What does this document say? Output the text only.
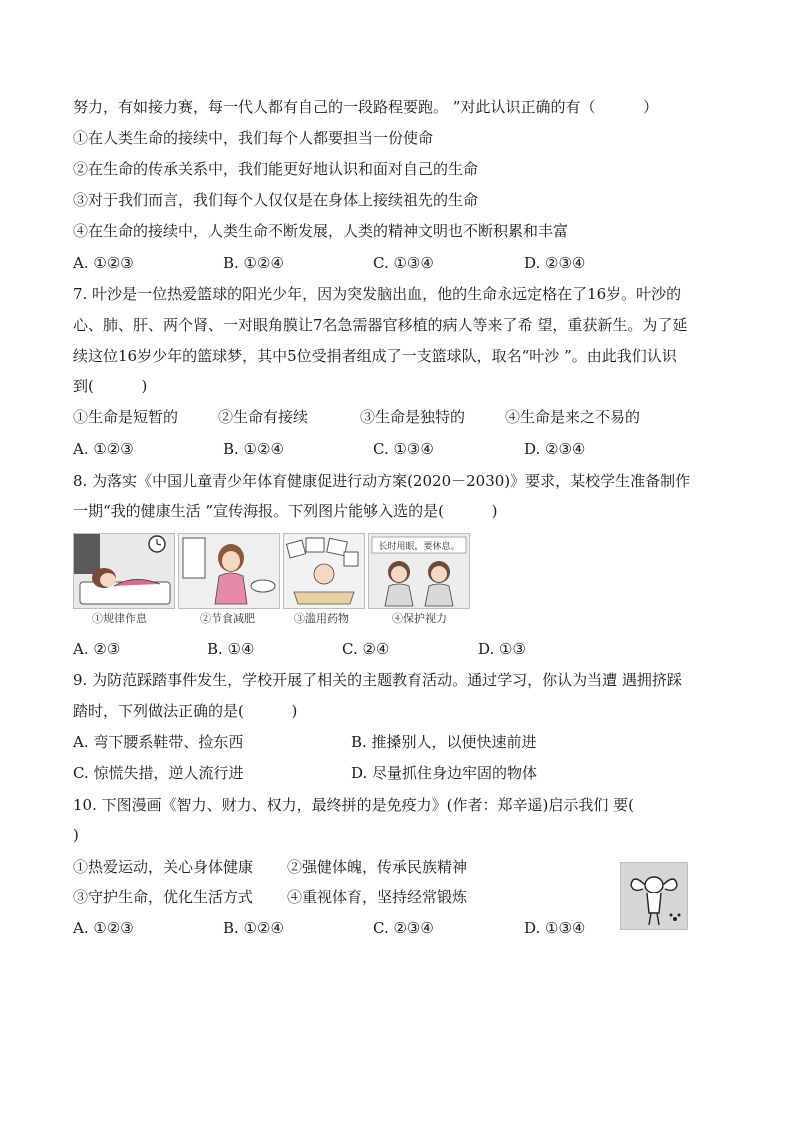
努力，有如接力赛，每一代人都有自己的一段路程要跑。 ”对此认识正确的有（          ）
①在人类生命的接续中，我们每个人都要担当一份使命
②在生命的传承关系中，我们能更好地认识和面对自己的生命
③对于我们而言，我们每个人仅仅是在身体上接续祖先的生命
④在生命的接续中，人类生命不断发展，人类的精神文明也不断积累和丰富
A. ①②③	B. ①②④	C. ①③④	D. ②③④
7. 叶沙是一位热爱篮球的阳光少年，因为突发脑出血，他的生命永远定格在了16岁。叶沙的
心、肺、肝、两个肾、一对眼角膜让7名急需器官移植的病人等来了希 望，重获新生。为了延
续这位16岁少年的篮球梦，其中5位受捐者组成了一支篮球队，取名“叶沙 ”。由此我们认识
到(          )
①生命是短暂的	②生命有接续	③生命是独特的	④生命是来之不易的
A. ①②③	B. ①②④	C. ①③④	D. ②③④
8. 为落实《中国儿童青少年体育健康促进行动方案(2020－2030)》要求，某校学生准备制作
一期“我的健康生活 ”宣传海报。下列图片能够入选的是(          )
长时用眼，要休息。
①规律作息	②节食减肥	③滥用药物	④保护视力
A. ②③	B. ①④	C. ②④	D. ①③
9. 为防范踩踏事件发生，学校开展了相关的主题教育活动。通过学习，你认为当遭 遇拥挤踩
踏时，下列做法正确的是(          )
A. 弯下腰系鞋带、捡东西	B. 推搡别人，以便快速前进
C. 惊慌失措，逆人流行进	D. 尽量抓住身边牢固的物体
10. 下图漫画《智力、财力、权力，最终拼的是免疫力》(作者：郑辛遥)启示我们 要(
)
①热爱运动，关心身体健康 ②强健体魄，传承民族精神
③守护生命，优化生活方式 ④重视体育，坚持经常锻炼
A. ①②③	B. ①②④	C. ②③④	D. ①③④
